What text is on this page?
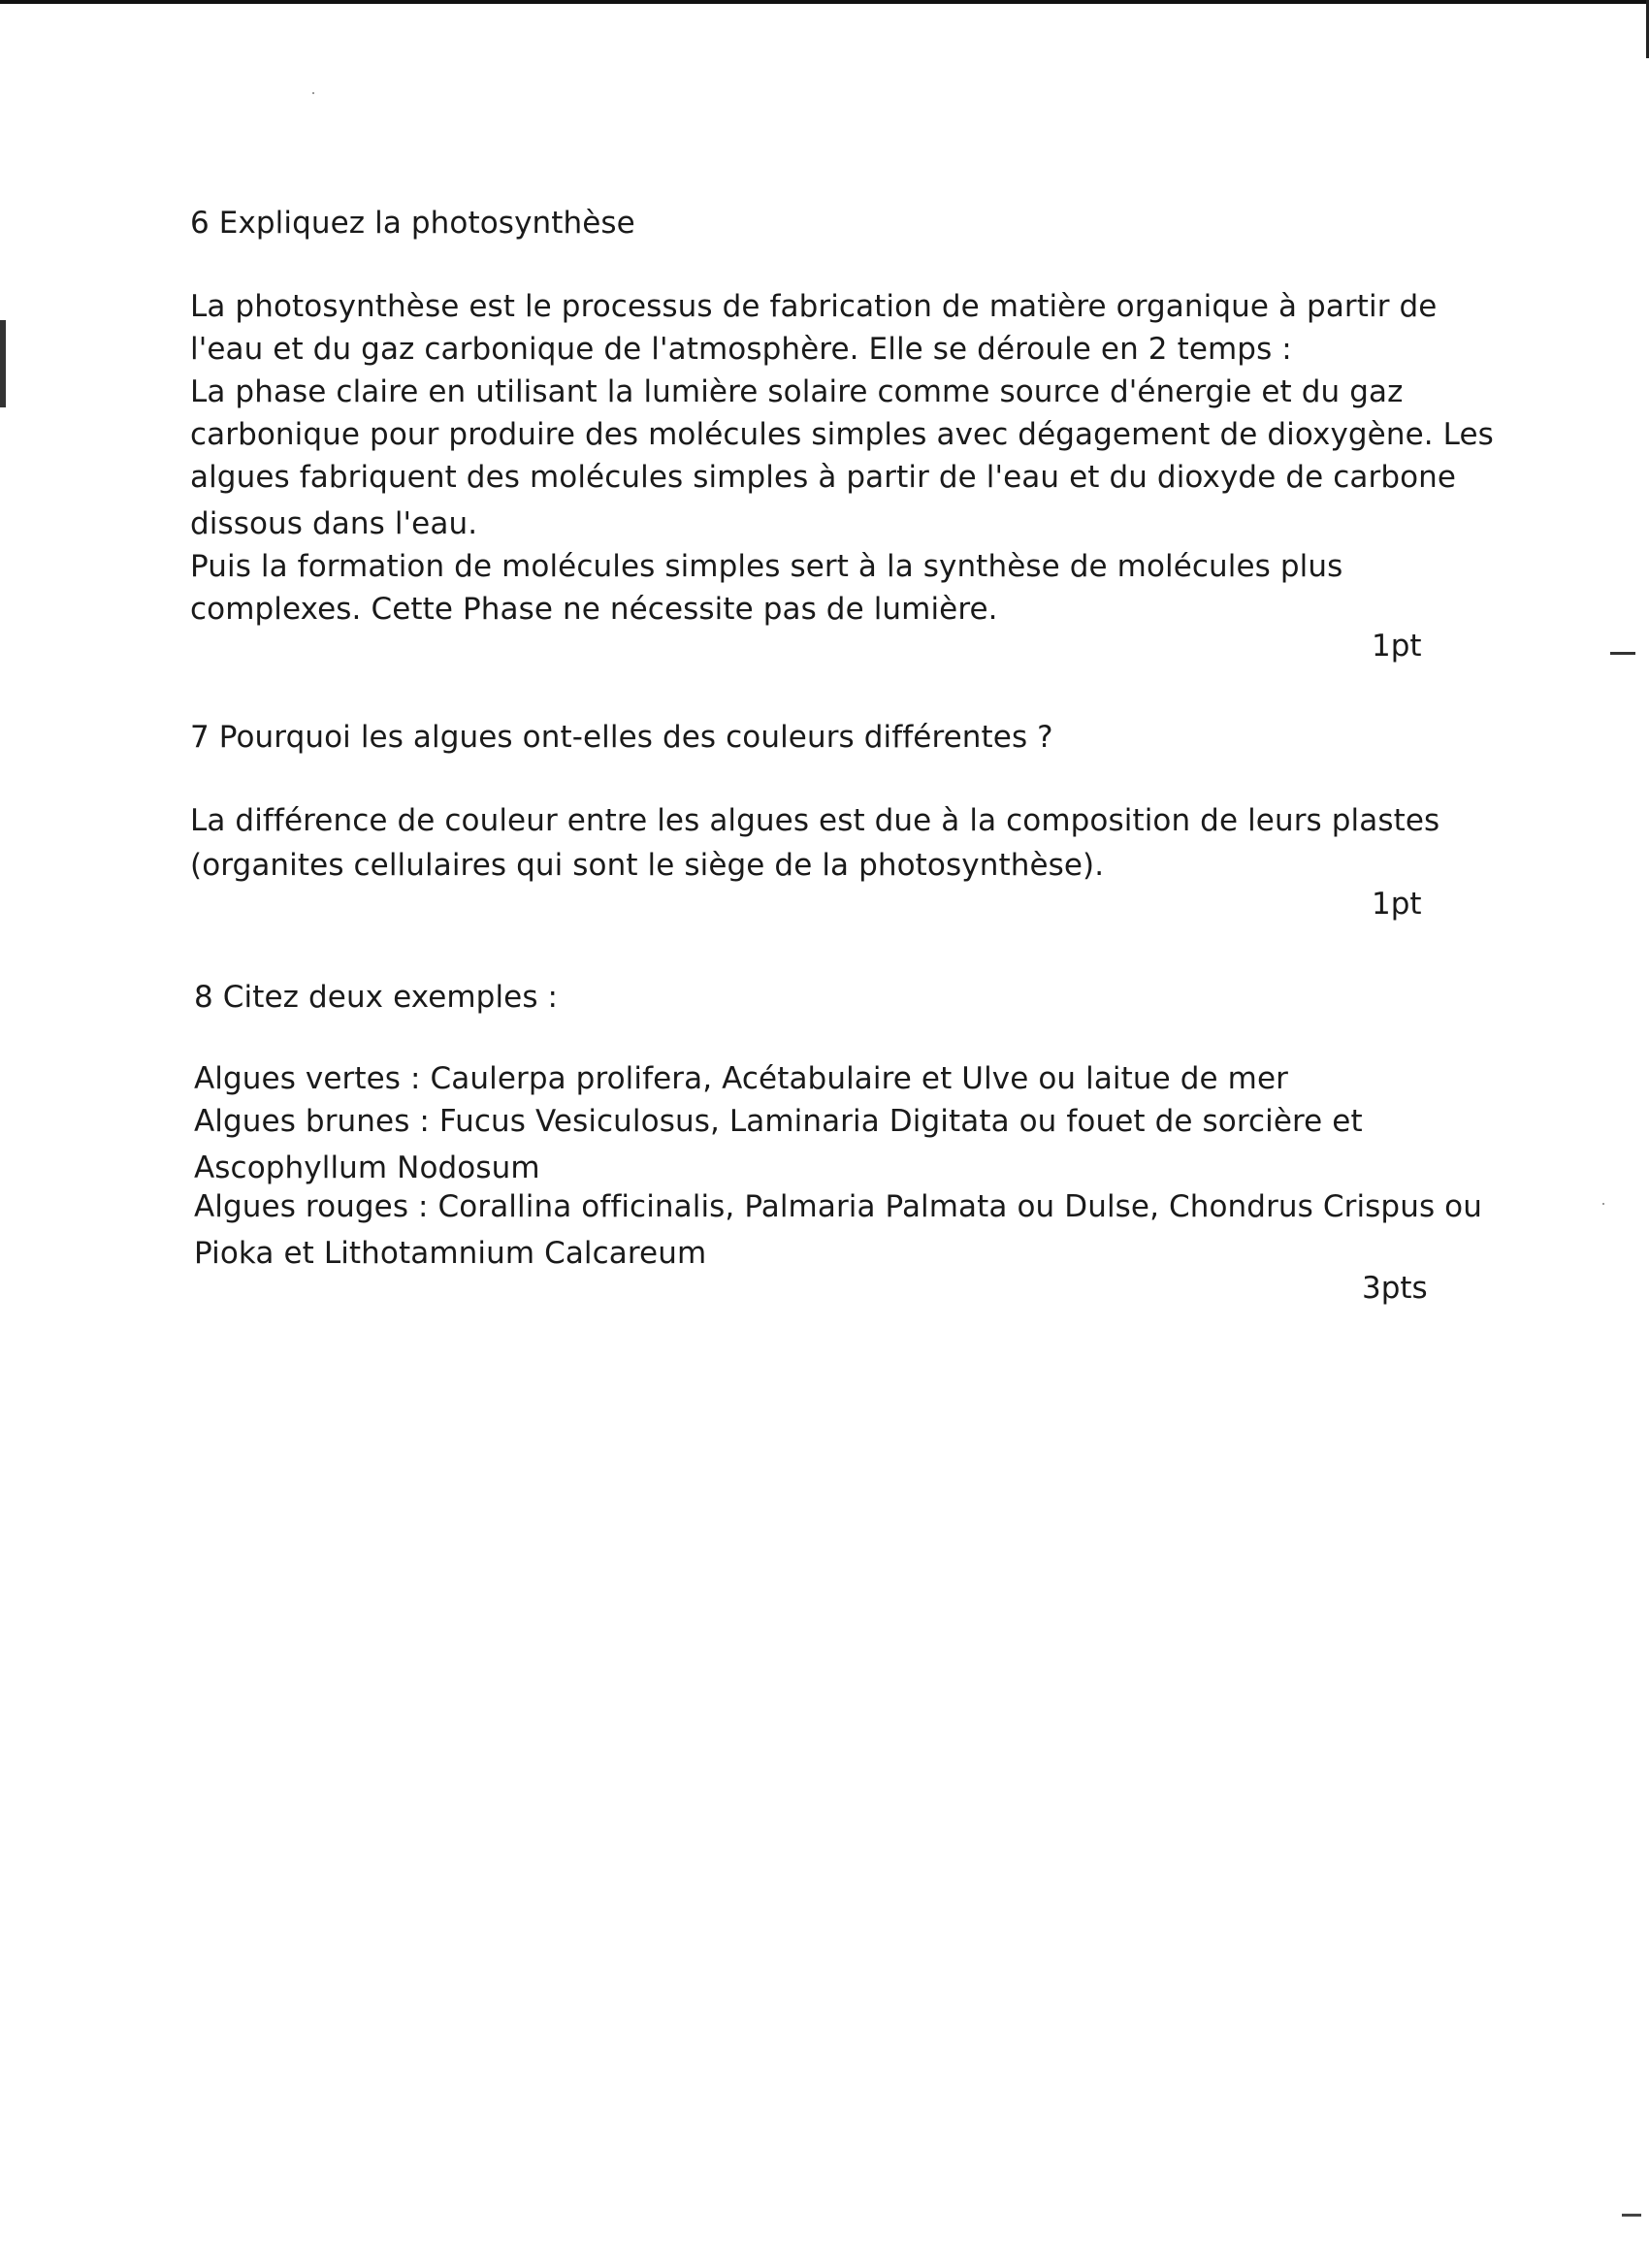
6 Expliquez la photosynthèse
La photosynthèse est le processus de fabrication de matière organique à partir de
l'eau et du gaz carbonique de l'atmosphère. Elle se déroule en 2 temps :
La phase claire en utilisant la lumière solaire comme source d'énergie et du gaz
carbonique pour produire des molécules simples avec dégagement de dioxygène. Les
algues fabriquent des molécules simples à partir de l'eau et du dioxyde de carbone
dissous dans l'eau.
Puis la formation de molécules simples sert à la synthèse de molécules plus
complexes. Cette Phase ne nécessite pas de lumière.
1pt
7 Pourquoi les algues ont-elles des couleurs différentes ?
La différence de couleur entre les algues est due à la composition de leurs plastes
(organites cellulaires qui sont le siège de la photosynthèse).
1pt
8 Citez deux exemples :
Algues vertes : Caulerpa prolifera, Acétabulaire et Ulve ou laitue de mer
Algues brunes : Fucus Vesiculosus, Laminaria Digitata ou fouet de sorcière et
Ascophyllum Nodosum
Algues rouges : Corallina officinalis, Palmaria Palmata ou Dulse, Chondrus Crispus ou
Pioka et Lithotamnium Calcareum
3pts
